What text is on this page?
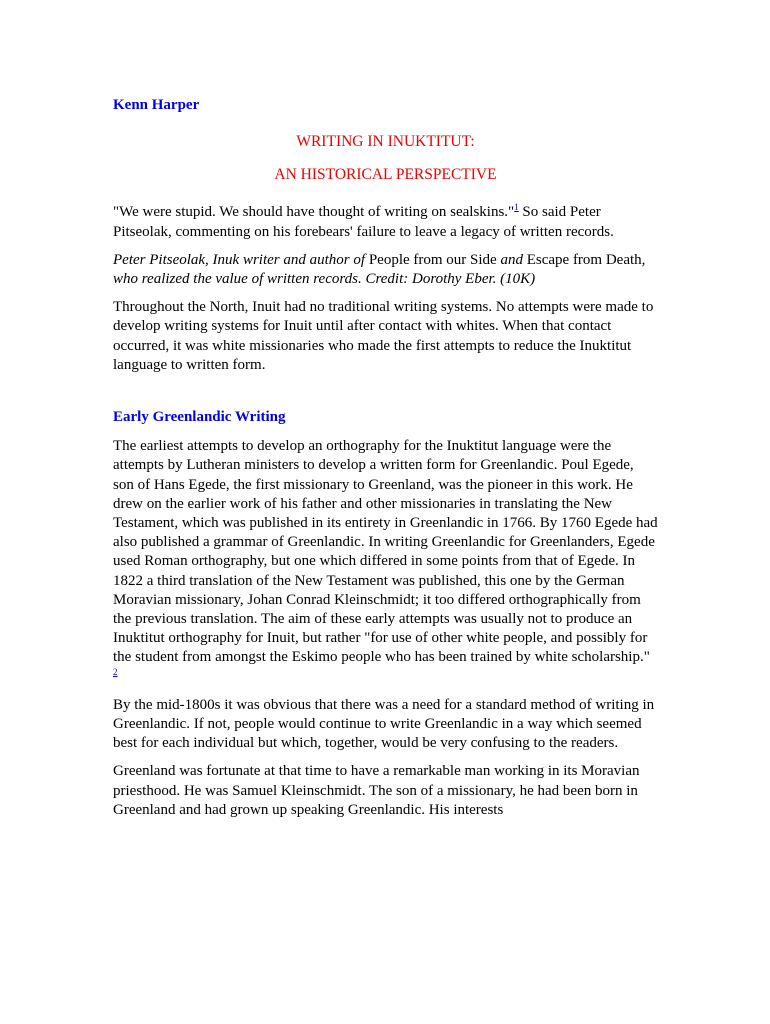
Kenn Harper
WRITING IN INUKTITUT:
AN HISTORICAL PERSPECTIVE

"We were stupid. We should have thought of writing on sealskins."$^1$ So said Peter Pitseolak, commenting on his forebears' failure to leave a legacy of written records.

Peter Pitseolak, Inuk writer and author of People from our Side and Escape from Death, who realized the value of written records. Credit: Dorothy Eber. (10K)

Throughout the North, Inuit had no traditional writing systems. No attempts were made to develop writing systems for Inuit until after contact with whites. When that contact occurred, it was white missionaries who made the first attempts to reduce the Inuktitut language to written form.

Early Greenlandic Writing

The earliest attempts to develop an orthography for the Inuktitut language were the attempts by Lutheran ministers to develop a written form for Greenlandic. Poul Egede, son of Hans Egede, the first missionary to Greenland, was the pioneer in this work. He drew on the earlier work of his father and other missionaries in translating the New Testament, which was published in its entirety in Greenlandic in 1766. By 1760 Egede had also published a grammar of Greenlandic. In writing Greenlandic for Greenlanders, Egede used Roman orthography, but one which differed in some points from that of Egede. In 1822 a third translation of the New Testament was published, this one by the German Moravian missionary, Johan Conrad Kleinschmidt; it too differed orthographically from the previous translation. The aim of these early attempts was usually not to produce an Inuktitut orthography for Inuit, but rather "for use of other white people, and possibly for the student from amongst the Eskimo people who has been trained by white scholarship." $^2$

By the mid-1800s it was obvious that there was a need for a standard method of writing in Greenlandic. If not, people would continue to write Greenlandic in a way which seemed best for each individual but which, together, would be very confusing to the readers.

Greenland was fortunate at that time to have a remarkable man working in its Moravian priesthood. He was Samuel Kleinschmidt. The son of a missionary, he had been born in Greenland and had grown up speaking Greenlandic. His interests
